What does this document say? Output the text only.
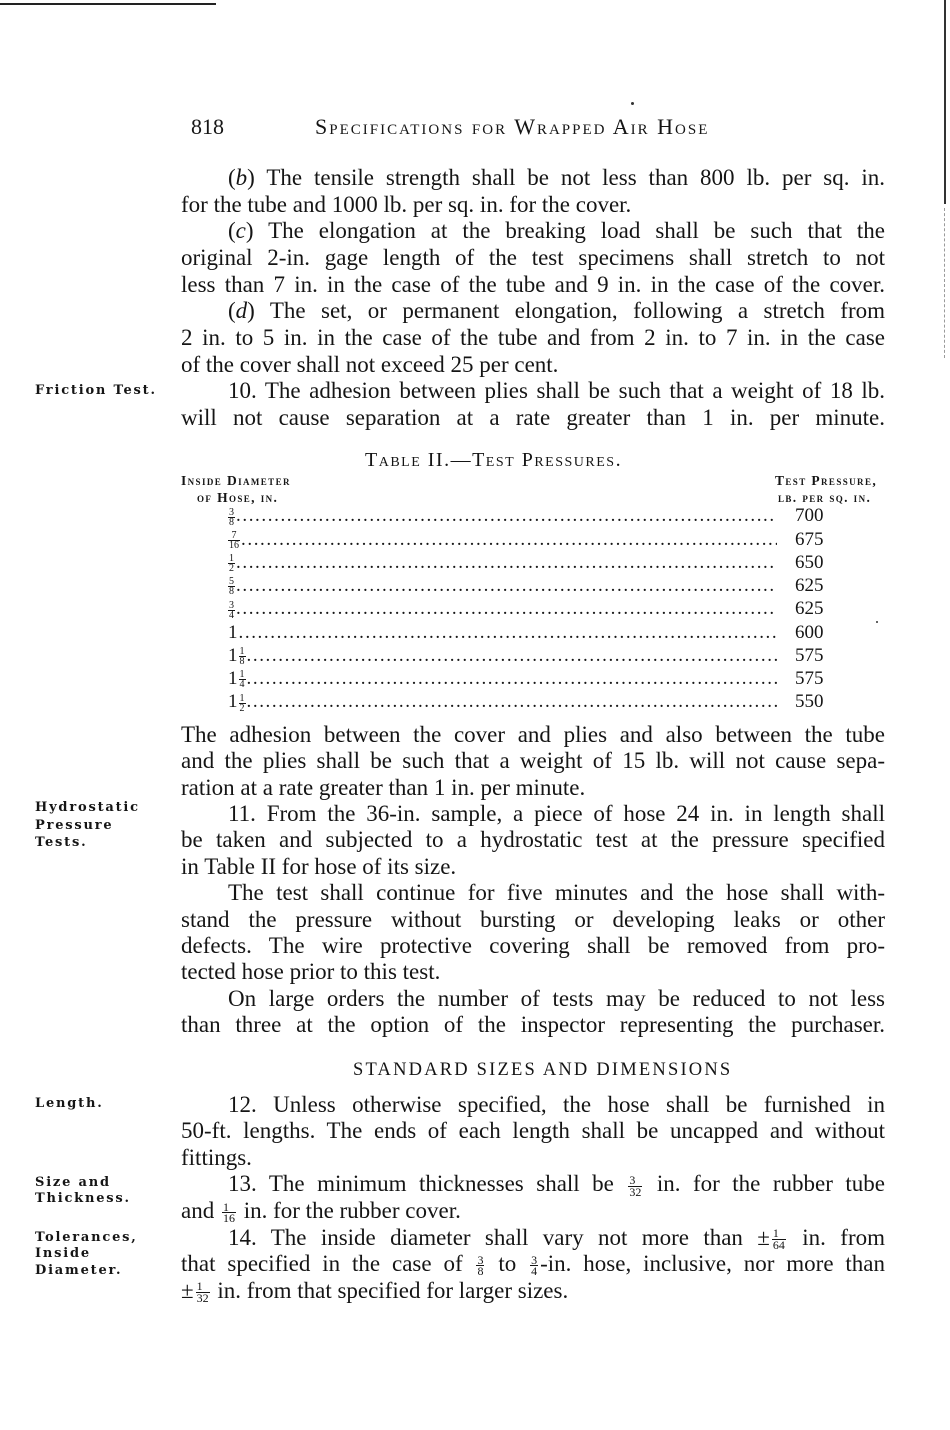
818	Specifications for Wrapped Air Hose
Friction Test.
Hydrostatic
Pressure
Tests.
Length.
Size and
Thickness.
Tolerances,
Inside
Diameter.
(b) The tensile strength shall be not less than 800 lb. per sq. in.
for the tube and 1000 lb. per sq. in. for the cover.
(c) The elongation at the breaking load shall be such that the
original 2-in. gage length of the test specimens shall stretch to not
less than 7 in. in the case of the tube and 9 in. in the case of the cover.
(d) The set, or permanent elongation, following a stretch from
2 in. to 5 in. in the case of the tube and from 2 in. to 7 in. in the case
of the cover shall not exceed 25 per cent.
10. The adhesion between plies shall be such that a weight of 18 lb.
will not cause separation at a rate greater than 1 in. per minute.
Table II.—Test Pressures.
Inside Diameter
of Hose, in.
Test Pressure,
lb. per sq. in.
$\frac{3}{8}$ .....	700
$\frac{7}{16}$ .....	675
$\frac{1}{2}$ .....	650
$\frac{5}{8}$ .....	625
$\frac{3}{4}$ .....	625
1 .....	600
$1 \frac{1}{8}$ .....	575
$1 \frac{1}{4}$ .....	575
$1 \frac{1}{2}$ .....	550
The adhesion between the cover and plies and also between the tube
and the plies shall be such that a weight of 15 lb. will not cause sepa-
ration at a rate greater than 1 in. per minute.
11. From the 36-in. sample, a piece of hose 24 in. in length shall
be taken and subjected to a hydrostatic test at the pressure specified
in Table II for hose of its size.
The test shall continue for five minutes and the hose shall with-
stand the pressure without bursting or developing leaks or other
defects. The wire protective covering shall be removed from pro-
tected hose prior to this test.
On large orders the number of tests may be reduced to not less
than three at the option of the inspector representing the purchaser.
STANDARD SIZES AND DIMENSIONS
12. Unless otherwise specified, the hose shall be furnished in
50-ft. lengths. The ends of each length shall be uncapped and without
fittings.
13. The minimum thicknesses shall be $\frac{3}{32}$ in. for the rubber tube
and $\frac{1}{16}$ in. for the rubber cover.
14. The inside diameter shall vary not more than ± $\frac{1}{64}$ in. from
that specified in the case of $\frac{3}{8}$ to $\frac{3}{4} -in$. hose, inclusive, nor more than
± $\frac{1}{32}$ in. from that specified for larger sizes.
